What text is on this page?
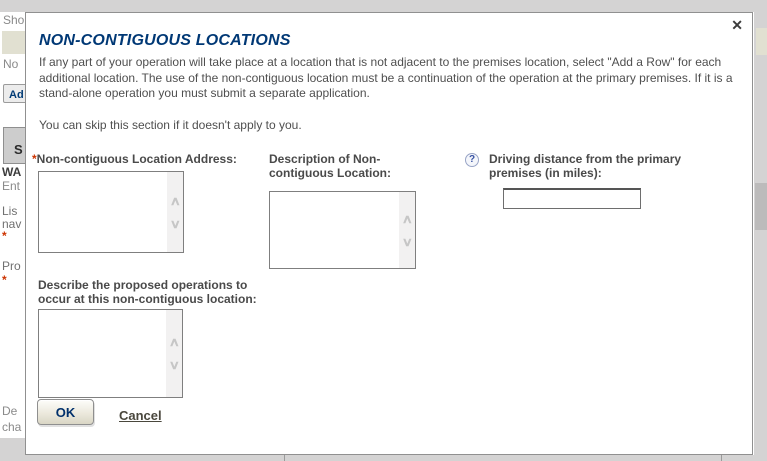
Sho
No
Ad
S
WA
Ent
Lis
nav
*
Pro
*
De
cha
✕
NON-CONTIGUOUS LOCATIONS

If any part of your operation will take place at a location that is not adjacent to the premises location, select "Add a Row" for each additional location. The use of the non-contiguous location must be a continuation of the operation at the primary premises. If it is a stand-alone operation you must submit a separate application.

You can skip this section if it doesn't apply to you.

*Non-contiguous Location Address:	Description of Non-contiguous Location:
?	Driving distance from the primary premises (in miles):
Describe the proposed operations to occur at this non-contiguous location:
∧
∨	∧
∨
∧
∨
OK	Cancel
